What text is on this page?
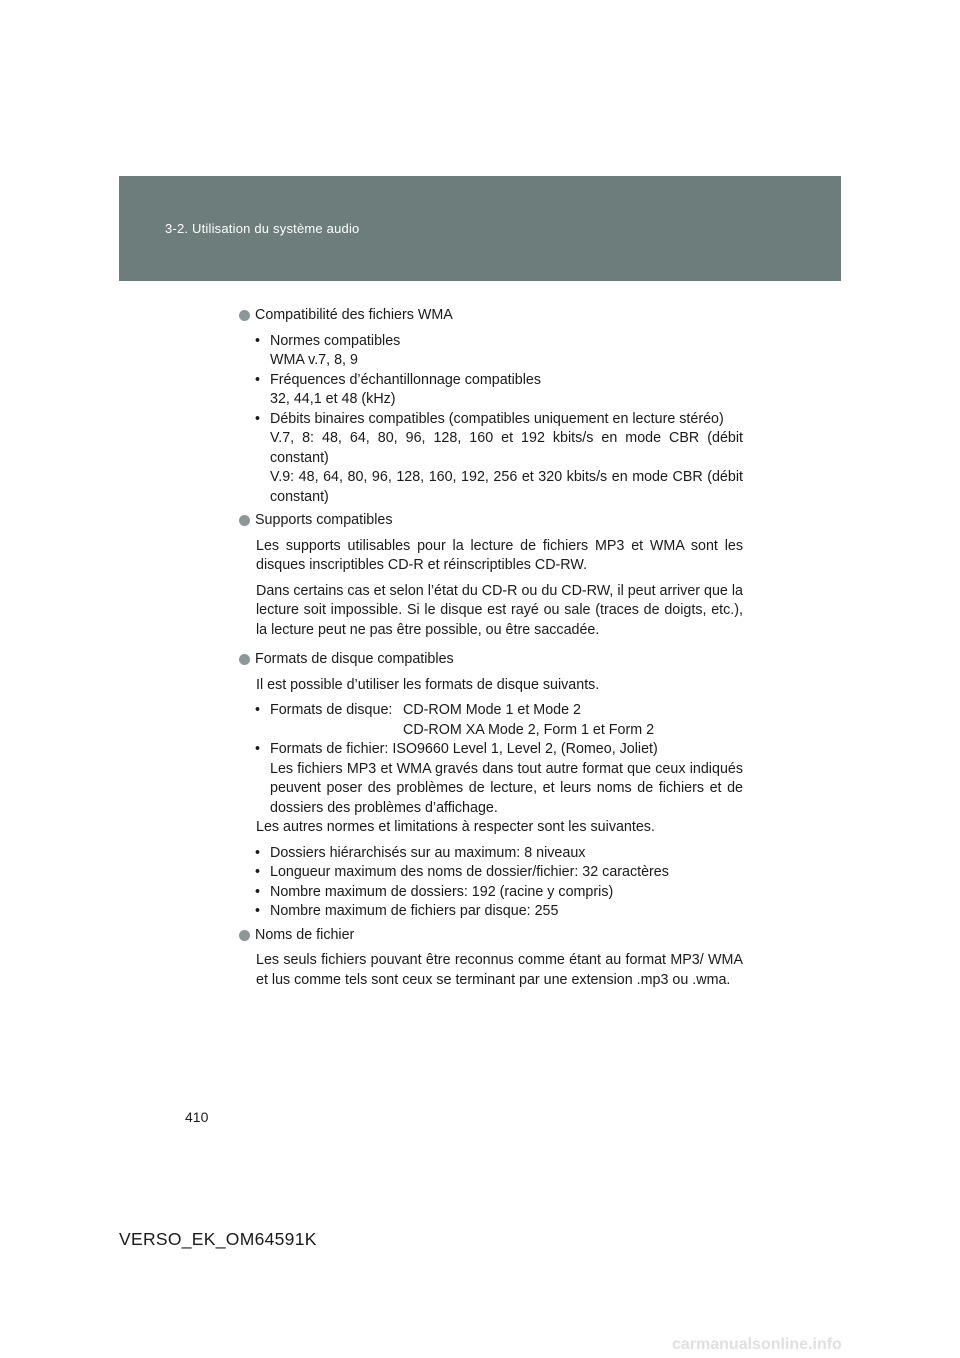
3-2. Utilisation du système audio
Compatibilité des fichiers WMA
• Normes compatibles
WMA v.7, 8, 9
• Fréquences d’échantillonnage compatibles
32, 44,1 et 48 (kHz)
• Débits binaires compatibles (compatibles uniquement en lecture stéréo)
V.7, 8: 48, 64, 80, 96, 128, 160 et 192 kbits/s en mode CBR (débit constant)
V.9: 48, 64, 80, 96, 128, 160, 192, 256 et 320 kbits/s en mode CBR (débit constant)
Supports compatibles

Les supports utilisables pour la lecture de fichiers MP3 et WMA sont les disques inscriptibles CD-R et réinscriptibles CD-RW.

Dans certains cas et selon l’état du CD-R ou du CD-RW, il peut arriver que la lecture soit impossible. Si le disque est rayé ou sale (traces de doigts, etc.), la lecture peut ne pas être possible, ou être saccadée.

Formats de disque compatibles

Il est possible d’utiliser les formats de disque suivants.

• Formats de disque: CD-ROM Mode 1 et Mode 2
CD-ROM XA Mode 2, Form 1 et Form 2
• Formats de fichier: ISO9660 Level 1, Level 2, (Romeo, Joliet)
Les fichiers MP3 et WMA gravés dans tout autre format que ceux indiqués peuvent poser des problèmes de lecture, et leurs noms de fichiers et de dossiers des problèmes d’affichage.

Les autres normes et limitations à respecter sont les suivantes.

• Dossiers hiérarchisés sur au maximum: 8 niveaux
• Longueur maximum des noms de dossier/fichier: 32 caractères
• Nombre maximum de dossiers: 192 (racine y compris)
• Nombre maximum de fichiers par disque: 255
Noms de fichier

Les seuls fichiers pouvant être reconnus comme étant au format MP3/ WMA et lus comme tels sont ceux se terminant par une extension .mp3 ou .wma.

410
VERSO_EK_OM64591K
carmanualsonline.info
